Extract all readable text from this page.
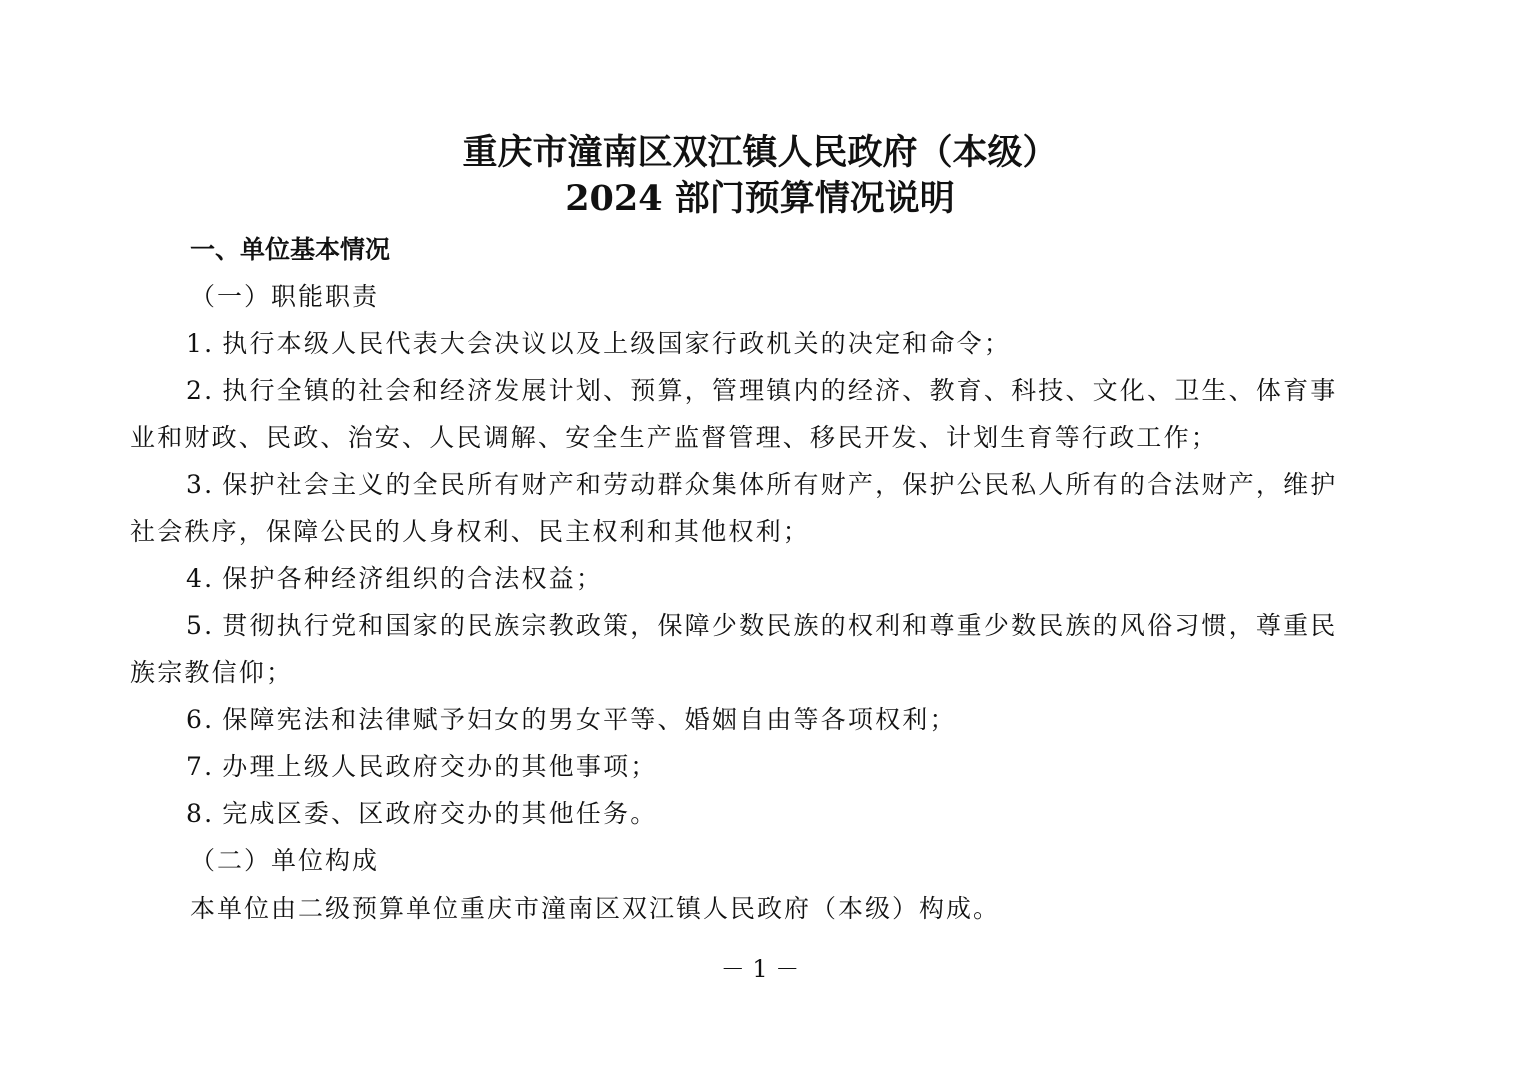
重庆市潼南区双江镇人民政府（本级）
2024 部门预算情况说明
一、单位基本情况
（一）职能职责
1. 执行本级人民代表大会决议以及上级国家行政机关的决定和命令；
2. 执行全镇的社会和经济发展计划、预算，管理镇内的经济、教育、科技、文化、卫生、体育事
业和财政、民政、治安、人民调解、安全生产监督管理、移民开发、计划生育等行政工作；
3. 保护社会主义的全民所有财产和劳动群众集体所有财产，保护公民私人所有的合法财产，维护
社会秩序，保障公民的人身权利、民主权利和其他权利；
4. 保护各种经济组织的合法权益；
5. 贯彻执行党和国家的民族宗教政策，保障少数民族的权利和尊重少数民族的风俗习惯，尊重民
族宗教信仰；
6. 保障宪法和法律赋予妇女的男女平等、婚姻自由等各项权利；
7. 办理上级人民政府交办的其他事项；
8. 完成区委、区政府交办的其他任务。
（二）单位构成
本单位由二级预算单位重庆市潼南区双江镇人民政府（本级）构成。
－ 1 －
